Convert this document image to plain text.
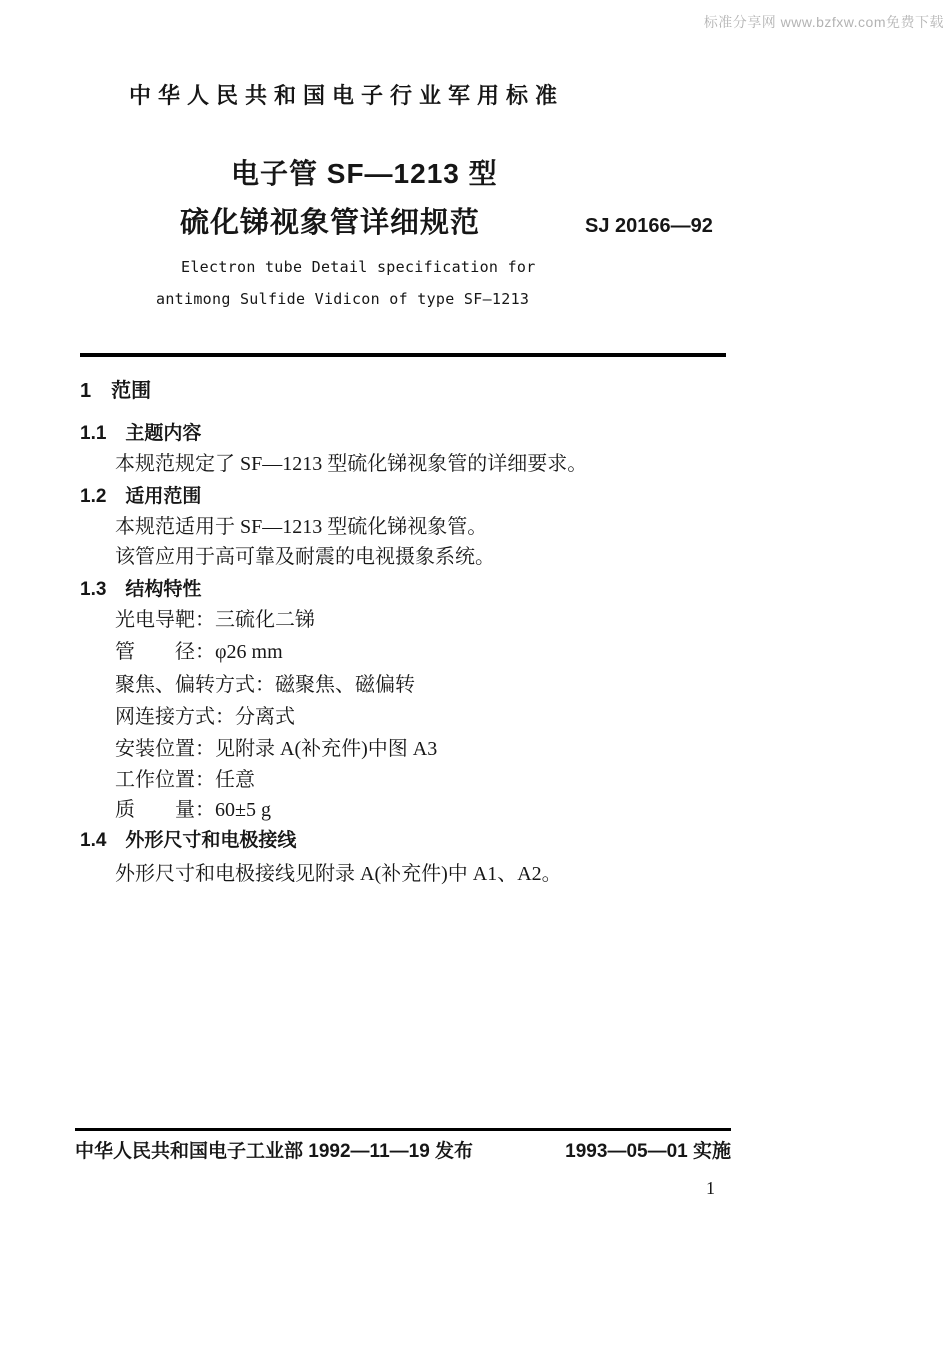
标准分享网 www.bzfxw.com免费下载
中华人民共和国电子行业军用标准
电子管 SF—1213 型
硫化锑视象管详细规范	SJ 20166—92
Electron tube Detail specification for
antimong Sulfide Vidicon of type SF—1213
1　范围
1.1　主题内容
本规范规定了 SF—1213 型硫化锑视象管的详细要求。
1.2　适用范围
本规范适用于 SF—1213 型硫化锑视象管。
该管应用于高可靠及耐震的电视摄象系统。
1.3　结构特性
光电导靶：三硫化二锑
管　　径：φ26 mm
聚焦、偏转方式：磁聚焦、磁偏转
网连接方式：分离式
安装位置：见附录 A(补充件)中图 A3
工作位置：任意
质　　量：60±5 g
1.4　外形尺寸和电极接线
外形尺寸和电极接线见附录 A(补充件)中 A1、A2。
中华人民共和国电子工业部 1992—11—19 发布	1993—05—01 实施
1
